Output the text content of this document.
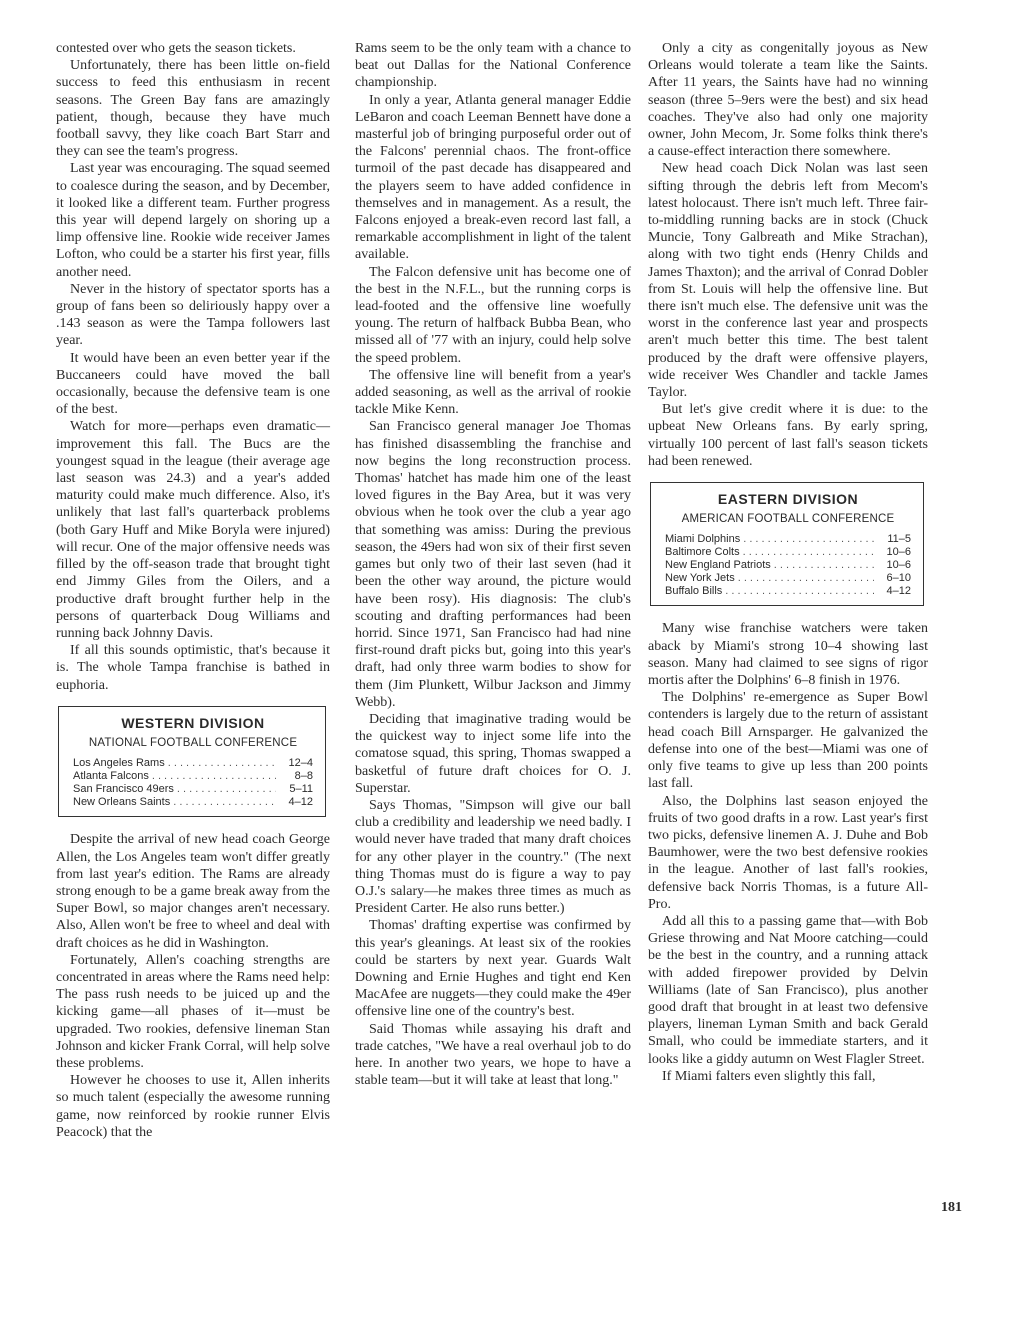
contested over who gets the season tickets.

Unfortunately, there has been little on-field success to feed this enthusiasm in recent seasons. The Green Bay fans are amazingly patient, though, because they have much football savvy, they like coach Bart Starr and they can see the team's progress.

Last year was encouraging. The squad seemed to coalesce during the season, and by December, it looked like a different team. Further progress this year will depend largely on shoring up a limp offensive line. Rookie wide receiver James Lofton, who could be a starter his first year, fills another need.

Never in the history of spectator sports has a group of fans been so deliriously happy over a .143 season as were the Tampa followers last year.

It would have been an even better year if the Buccaneers could have moved the ball occasionally, because the defensive team is one of the best.

Watch for more—perhaps even dramatic—improvement this fall. The Bucs are the youngest squad in the league (their average age last season was 24.3) and a year's added maturity could make much difference. Also, it's unlikely that last fall's quarterback problems (both Gary Huff and Mike Boryla were injured) will recur. One of the major offensive needs was filled by the off-season trade that brought tight end Jimmy Giles from the Oilers, and a productive draft brought further help in the persons of quarterback Doug Williams and running back Johnny Davis.

If all this sounds optimistic, that's because it is. The whole Tampa franchise is bathed in euphoria.

WESTERN DIVISION
NATIONAL FOOTBALL CONFERENCE
Los Angeles Rams . . .	12–4
Atlanta Falcons . . .	8–8
San Francisco 49ers . . .	5–11
New Orleans Saints . . .	4–12

Despite the arrival of new head coach George Allen, the Los Angeles team won't differ greatly from last year's edition. The Rams are already strong enough to be a game break away from the Super Bowl, so major changes aren't necessary. Also, Allen won't be free to wheel and deal with draft choices as he did in Washington.

Fortunately, Allen's coaching strengths are concentrated in areas where the Rams need help: The pass rush needs to be juiced up and the kicking game—all phases of it—must be upgraded. Two rookies, defensive lineman Stan Johnson and kicker Frank Corral, will help solve these problems.

However he chooses to use it, Allen inherits so much talent (especially the awesome running game, now reinforced by rookie runner Elvis Peacock) that the

Rams seem to be the only team with a chance to beat out Dallas for the National Conference championship.

In only a year, Atlanta general manager Eddie LeBaron and coach Leeman Bennett have done a masterful job of bringing purposeful order out of the Falcons' perennial chaos. The front-office turmoil of the past decade has disappeared and the players seem to have added confidence in themselves and in management. As a result, the Falcons enjoyed a break-even record last fall, a remarkable accomplishment in light of the talent available.

The Falcon defensive unit has become one of the best in the N.F.L., but the running corps is lead-footed and the offensive line woefully young. The return of halfback Bubba Bean, who missed all of '77 with an injury, could help solve the speed problem.

The offensive line will benefit from a year's added seasoning, as well as the arrival of rookie tackle Mike Kenn.

San Francisco general manager Joe Thomas has finished disassembling the franchise and now begins the long reconstruction process. Thomas' hatchet has made him one of the least loved figures in the Bay Area, but it was very obvious when he took over the club a year ago that something was amiss: During the previous season, the 49ers had won six of their first seven games but only two of their last seven (had it been the other way around, the picture would have been rosy). His diagnosis: The club's scouting and drafting performances had been horrid. Since 1971, San Francisco had had nine first-round draft picks but, going into this year's draft, had only three warm bodies to show for them (Jim Plunkett, Wilbur Jackson and Jimmy Webb).

Deciding that imaginative trading would be the quickest way to inject some life into the comatose squad, this spring, Thomas swapped a basketful of future draft choices for O. J. Superstar.

Says Thomas, "Simpson will give our ball club a credibility and leadership we need badly. I would never have traded that many draft choices for any other player in the country." (The next thing Thomas must do is figure a way to pay O.J.'s salary—he makes three times as much as President Carter. He also runs better.)

Thomas' drafting expertise was confirmed by this year's gleanings. At least six of the rookies could be starters by next year. Guards Walt Downing and Ernie Hughes and tight end Ken MacAfee are nuggets—they could make the 49er offensive line one of the country's best.

Said Thomas while assaying his draft and trade catches, "We have a real overhaul job to do here. In another two years, we hope to have a stable team—but it will take at least that long."

Only a city as congenitally joyous as New Orleans would tolerate a team like the Saints. After 11 years, the Saints have had no winning season (three 5–9ers were the best) and six head coaches. They've also had only one majority owner, John Mecom, Jr. Some folks think there's a cause-effect interaction there somewhere.

New head coach Dick Nolan was last seen sifting through the debris left from Mecom's latest holocaust. There isn't much left. Three fair-to-middling running backs are in stock (Chuck Muncie, Tony Galbreath and Mike Strachan), along with two tight ends (Henry Childs and James Thaxton); and the arrival of Conrad Dobler from St. Louis will help the offensive line. But there isn't much else. The defensive unit was the worst in the conference last year and prospects aren't much better this time. The best talent produced by the draft were offensive players, wide receiver Wes Chandler and tackle James Taylor.

But let's give credit where it is due: to the upbeat New Orleans fans. By early spring, virtually 100 percent of last fall's season tickets had been renewed.

EASTERN DIVISION
AMERICAN FOOTBALL CONFERENCE
Miami Dolphins . . .	11–5
Baltimore Colts . . .	10–6
New England Patriots . . .	10–6
New York Jets . . .	6–10
Buffalo Bills . . .	4–12

Many wise franchise watchers were taken aback by Miami's strong 10–4 showing last season. Many had claimed to see signs of rigor mortis after the Dolphins' 6–8 finish in 1976.

The Dolphins' re-emergence as Super Bowl contenders is largely due to the return of assistant head coach Bill Arnsparger. He galvanized the defense into one of the best—Miami was one of only five teams to give up less than 200 points last fall.

Also, the Dolphins last season enjoyed the fruits of two good drafts in a row. Last year's first two picks, defensive linemen A. J. Duhe and Bob Baumhower, were the two best defensive rookies in the league. Another of last fall's rookies, defensive back Norris Thomas, is a future All-Pro.

Add all this to a passing game that—with Bob Griese throwing and Nat Moore catching—could be the best in the country, and a running attack with added firepower provided by Delvin Williams (late of San Francisco), plus another good draft that brought in at least two defensive players, lineman Lyman Smith and back Gerald Small, who could be immediate starters, and it looks like a giddy autumn on West Flagler Street.

If Miami falters even slightly this fall,

181
